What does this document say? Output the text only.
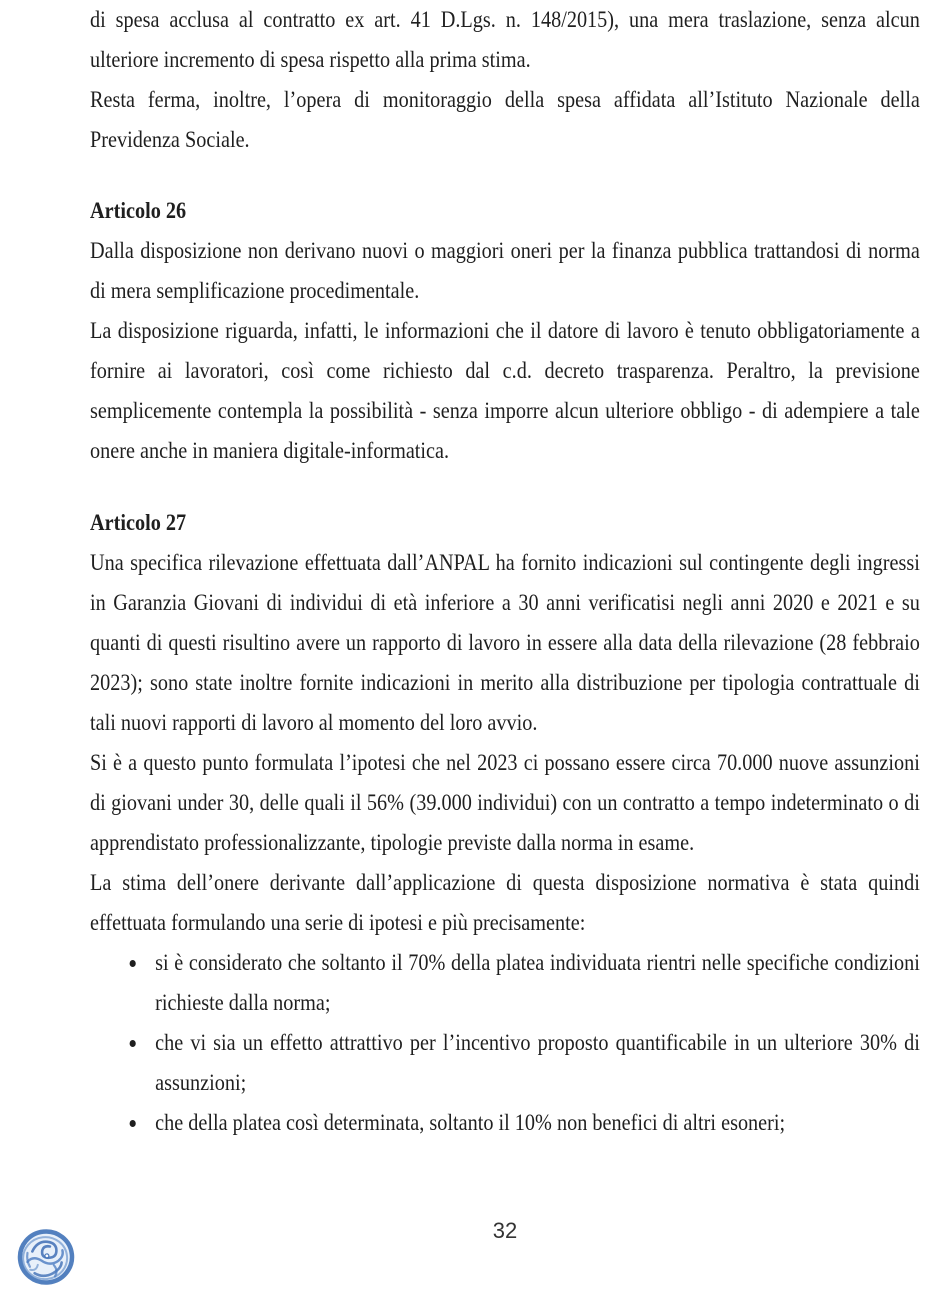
di spesa acclusa al contratto ex art. 41 D.Lgs. n. 148/2015), una mera traslazione, senza alcun ulteriore incremento di spesa rispetto alla prima stima.

Resta ferma, inoltre, l’opera di monitoraggio della spesa affidata all’Istituto Nazionale della Previdenza Sociale.

Articolo 26

Dalla disposizione non derivano nuovi o maggiori oneri per la finanza pubblica trattandosi di norma di mera semplificazione procedimentale.

La disposizione riguarda, infatti, le informazioni che il datore di lavoro è tenuto obbligatoriamente a fornire ai lavoratori, così come richiesto dal c.d. decreto trasparenza. Peraltro, la previsione semplicemente contempla la possibilità - senza imporre alcun ulteriore obbligo - di adempiere a tale onere anche in maniera digitale-informatica.

Articolo 27

Una specifica rilevazione effettuata dall’ANPAL ha fornito indicazioni sul contingente degli ingressi in Garanzia Giovani di individui di età inferiore a 30 anni verificatisi negli anni 2020 e 2021 e su quanti di questi risultino avere un rapporto di lavoro in essere alla data della rilevazione (28 febbraio 2023); sono state inoltre fornite indicazioni in merito alla distribuzione per tipologia contrattuale di tali nuovi rapporti di lavoro al momento del loro avvio.

Si è a questo punto formulata l’ipotesi che nel 2023 ci possano essere circa 70.000 nuove assunzioni di giovani under 30, delle quali il 56% (39.000 individui) con un contratto a tempo indeterminato o di apprendistato professionalizzante, tipologie previste dalla norma in esame.

La stima dell’onere derivante dall’applicazione di questa disposizione normativa è stata quindi effettuata formulando una serie di ipotesi e più precisamente:

si è considerato che soltanto il 70% della platea individuata rientri nelle specifiche condizioni richieste dalla norma;
che vi sia un effetto attrattivo per l’incentivo proposto quantificabile in un ulteriore 30% di assunzioni;
che della platea così determinata, soltanto il 10% non benefici di altri esoneri;
32
